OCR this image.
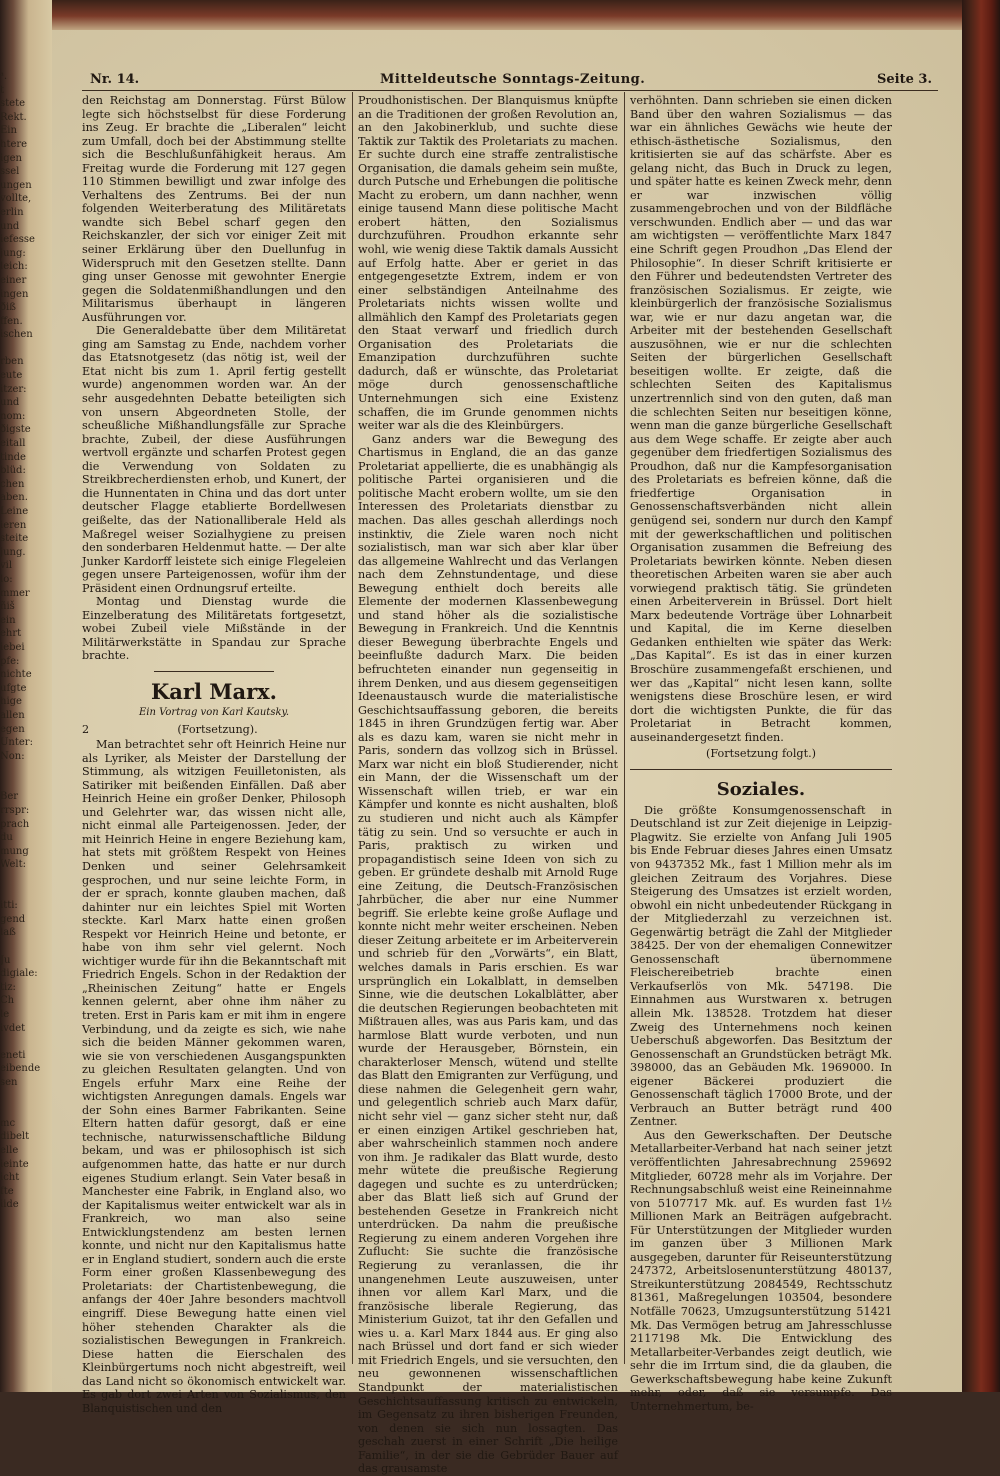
ᵃ.
t
stete
Rekt.
Ein
htere
igen
ssel
ungen
vollte,
erlin
und
iefesse
jung:
leich:
einer
ingen
ðiß
ffen.
ischen

rben
eute
itzer:
und
nom:
ðigste
eitall
tinde
blüd:
chen
aben.
Leine
ieren
steite
jung.
vil
lo:
mmer
ñiš
ein
ehrt
iebei
pfe:
nichte
ufgte
hige
allen
egen
Unter:
Non:

Ber
rrspr:
prach
du
mung
Welt:

itti:
gend
laß

Ju
digiale:
tiz:
Ch
le
ivdet

eneti
eibende
sen

mc
dibelt
elle
ieinte
icht
fte
iide
Nr. 14.	Mitteldeutsche Sonntags-Zeitung.	Seite 3.

den Reichstag am Donnerstag. Fürst Bülow legte sich höchstselbst für diese Forderung ins Zeug. Er brachte die „Liberalen“ leicht zum Umfall, doch bei der Abstimmung stellte sich die Beschlußunfähigkeit heraus. Am Freitag wurde die Forderung mit 127 gegen 110 Stimmen bewilligt und zwar infolge des Verhaltens des Zentrums. Bei der nun folgenden Weiterberatung des Militäretats wandte sich Bebel scharf gegen den Reichskanzler, der sich vor einiger Zeit mit seiner Erklärung über den Duellunfug in Widerspruch mit den Gesetzen stellte. Dann ging unser Genosse mit gewohnter Energie gegen die Soldatenmißhandlungen und den Militarismus überhaupt in längeren Ausführungen vor.

Die Generaldebatte über dem Militäretat ging am Samstag zu Ende, nachdem vorher das Etatsnotgesetz (das nötig ist, weil der Etat nicht bis zum 1. April fertig gestellt wurde) angenommen worden war. An der sehr ausgedehnten Debatte beteiligten sich von unsern Abgeordneten Stolle, der scheußliche Mißhandlungsfälle zur Sprache brachte, Zubeil, der diese Ausführungen wertvoll ergänzte und scharfen Protest gegen die Verwendung von Soldaten zu Streikbrecherdiensten erhob, und Kunert, der die Hunnentaten in China und das dort unter deutscher Flagge etablierte Bordellwesen geißelte, das der Nationalliberale Held als Maßregel weiser Sozialhygiene zu preisen den sonderbaren Heldenmut hatte. — Der alte Junker Kardorff leistete sich einige Flegeleien gegen unsere Parteigenossen, wofür ihm der Präsident einen Ordnungsruf erteilte.

Montag und Dienstag wurde die Einzelberatung des Militäretats fortgesetzt, wobei Zubeil viele Mißstände in der Militärwerkstätte in Spandau zur Sprache brachte.

Karl Marx.
Ein Vortrag von Karl Kautsky.
2	(Fortsetzung).

Man betrachtet sehr oft Heinrich Heine nur als Lyriker, als Meister der Darstellung der Stimmung, als witzigen Feuilletonisten, als Satiriker mit beißenden Einfällen. Daß aber Heinrich Heine ein großer Denker, Philosoph und Gelehrter war, das wissen nicht alle, nicht einmal alle Parteigenossen. Jeder, der mit Heinrich Heine in engere Beziehung kam, hat stets mit größtem Respekt von Heines Denken und seiner Gelehrsamkeit gesprochen, und nur seine leichte Form, in der er sprach, konnte glauben machen, daß dahinter nur ein leichtes Spiel mit Worten steckte. Karl Marx hatte einen großen Respekt vor Heinrich Heine und betonte, er habe von ihm sehr viel gelernt. Noch wichtiger wurde für ihn die Bekanntschaft mit Friedrich Engels. Schon in der Redaktion der „Rheinischen Zeitung“ hatte er Engels kennen gelernt, aber ohne ihm näher zu treten. Erst in Paris kam er mit ihm in engere Verbindung, und da zeigte es sich, wie nahe sich die beiden Männer gekommen waren, wie sie von verschiedenen Ausgangspunkten zu gleichen Resultaten gelangten. Und von Engels erfuhr Marx eine Reihe der wichtigsten Anregungen damals. Engels war der Sohn eines Barmer Fabrikanten. Seine Eltern hatten dafür gesorgt, daß er eine technische, naturwissenschaftliche Bildung bekam, und was er philosophisch ist sich aufgenommen hatte, das hatte er nur durch eigenes Studium erlangt. Sein Vater besaß in Manchester eine Fabrik, in England also, wo der Kapitalismus weiter entwickelt war als in Frankreich, wo man also seine Entwicklungstendenz am besten lernen konnte, und nicht nur den Kapitalismus hatte er in England studiert, sondern auch die erste Form einer großen Klassenbewegung des Proletariats: der Chartistenbewegung, die anfangs der 40er Jahre besonders machtvoll eingriff. Diese Bewegung hatte einen viel höher stehenden Charakter als die sozialistischen Bewegungen in Frankreich. Diese hatten die Eierschalen des Kleinbürgertums noch nicht abgestreift, weil das Land nicht so ökonomisch entwickelt war. Es gab dort zwei Arten von Sozialismus, den Blanquistischen und den

Proudhonistischen. Der Blanquismus knüpfte an die Traditionen der großen Revolution an, an den Jakobinerklub, und suchte diese Taktik zur Taktik des Proletariats zu machen. Er suchte durch eine straffe zentralistische Organisation, die damals geheim sein mußte, durch Putsche und Erhebungen die politische Macht zu erobern, um dann nachher, wenn einige tausend Mann diese politische Macht erobert hätten, den Sozialismus durchzuführen. Proudhon erkannte sehr wohl, wie wenig diese Taktik damals Aussicht auf Erfolg hatte. Aber er geriet in das entgegengesetzte Extrem, indem er von einer selbständigen Anteilnahme des Proletariats nichts wissen wollte und allmählich den Kampf des Proletariats gegen den Staat verwarf und friedlich durch Organisation des Proletariats die Emanzipation durchzuführen suchte dadurch, daß er wünschte, das Proletariat möge durch genossenschaftliche Unternehmungen sich eine Existenz schaffen, die im Grunde genommen nichts weiter war als die des Kleinbürgers.

Ganz anders war die Bewegung des Chartismus in England, die an das ganze Proletariat appellierte, die es unabhängig als politische Partei organisieren und die politische Macht erobern wollte, um sie den Interessen des Proletariats dienstbar zu machen. Das alles geschah allerdings noch instinktiv, die Ziele waren noch nicht sozialistisch, man war sich aber klar über das allgemeine Wahlrecht und das Verlangen nach dem Zehnstundentage, und diese Bewegung enthielt doch bereits alle Elemente der modernen Klassenbewegung und stand höher als die sozialistische Bewegung in Frankreich. Und die Kenntnis dieser Bewegung überbrachte Engels und beeinflußte dadurch Marx. Die beiden befruchteten einander nun gegenseitig in ihrem Denken, und aus diesem gegenseitigen Ideenaustausch wurde die materialistische Geschichtsauffassung geboren, die bereits 1845 in ihren Grundzügen fertig war. Aber als es dazu kam, waren sie nicht mehr in Paris, sondern das vollzog sich in Brüssel. Marx war nicht ein bloß Studierender, nicht ein Mann, der die Wissenschaft um der Wissenschaft willen trieb, er war ein Kämpfer und konnte es nicht aushalten, bloß zu studieren und nicht auch als Kämpfer tätig zu sein. Und so versuchte er auch in Paris, praktisch zu wirken und propagandistisch seine Ideen von sich zu geben. Er gründete deshalb mit Arnold Ruge eine Zeitung, die Deutsch-Französischen Jahrbücher, die aber nur eine Nummer begriff. Sie erlebte keine große Auflage und konnte nicht mehr weiter erscheinen. Neben dieser Zeitung arbeitete er im Arbeiterverein und schrieb für den „Vorwärts“, ein Blatt, welches damals in Paris erschien. Es war ursprünglich ein Lokalblatt, in demselben Sinne, wie die deutschen Lokalblätter, aber die deutschen Regierungen beobachteten mit Mißtrauen alles, was aus Paris kam, und das harmlose Blatt wurde verboten, und nun wurde der Herausgeber, Börnstein, ein charakterloser Mensch, wütend und stellte das Blatt den Emigranten zur Verfügung, und diese nahmen die Gelegenheit gern wahr, und gelegentlich schrieb auch Marx dafür, nicht sehr viel — ganz sicher steht nur, daß er einen einzigen Artikel geschrieben hat, aber wahrscheinlich stammen noch andere von ihm. Je radikaler das Blatt wurde, desto mehr wütete die preußische Regierung dagegen und suchte es zu unterdrücken; aber das Blatt ließ sich auf Grund der bestehenden Gesetze in Frankreich nicht unterdrücken. Da nahm die preußische Regierung zu einem anderen Vorgehen ihre Zuflucht: Sie suchte die französische Regierung zu veranlassen, die ihr unangenehmen Leute auszuweisen, unter ihnen vor allem Karl Marx, und die französische liberale Regierung, das Ministerium Guizot, tat ihr den Gefallen und wies u. a. Karl Marx 1844 aus. Er ging also nach Brüssel und dort fand er sich wieder mit Friedrich Engels, und sie versuchten, den neu gewonnenen wissenschaftlichen Standpunkt der materialistischen Geschichtsauffassung kritisch zu entwickeln, im Gegensatz zu ihren bisherigen Freunden, von denen sie sich nun lossagten. Das geschah zuerst in einer Schrift „Die heilige Familie“, in der sie die Gebrüder Bauer auf das grausamste

verhöhnten. Dann schrieben sie einen dicken Band über den wahren Sozialismus — das war ein ähnliches Gewächs wie heute der ethisch-ästhetische Sozialismus, den kritisierten sie auf das schärfste. Aber es gelang nicht, das Buch in Druck zu legen, und später hatte es keinen Zweck mehr, denn er war inzwischen völlig zusammengebrochen und von der Bildfläche verschwunden. Endlich aber — und das war am wichtigsten — veröffentlichte Marx 1847 eine Schrift gegen Proudhon „Das Elend der Philosophie“. In dieser Schrift kritisierte er den Führer und bedeutendsten Vertreter des französischen Sozialismus. Er zeigte, wie kleinbürgerlich der französische Sozialismus war, wie er nur dazu angetan war, die Arbeiter mit der bestehenden Gesellschaft auszusöhnen, wie er nur die schlechten Seiten der bürgerlichen Gesellschaft beseitigen wollte. Er zeigte, daß die schlechten Seiten des Kapitalismus unzertrennlich sind von den guten, daß man die schlechten Seiten nur beseitigen könne, wenn man die ganze bürgerliche Gesellschaft aus dem Wege schaffe. Er zeigte aber auch gegenüber dem friedfertigen Sozialismus des Proudhon, daß nur die Kampfesorganisation des Proletariats es befreien könne, daß die friedfertige Organisation in Genossenschaftsverbänden nicht allein genügend sei, sondern nur durch den Kampf mit der gewerkschaftlichen und politischen Organisation zusammen die Befreiung des Proletariats bewirken könnte. Neben diesen theoretischen Arbeiten waren sie aber auch vorwiegend praktisch tätig. Sie gründeten einen Arbeiterverein in Brüssel. Dort hielt Marx bedeutende Vorträge über Lohnarbeit und Kapital, die im Kerne dieselben Gedanken enthielten wie später das Werk: „Das Kapital“. Es ist das in einer kurzen Broschüre zusammengefaßt erschienen, und wer das „Kapital“ nicht lesen kann, sollte wenigstens diese Broschüre lesen, er wird dort die wichtigsten Punkte, die für das Proletariat in Betracht kommen, auseinandergesetzt finden.

(Fortsetzung folgt.)

Soziales.

Die größte Konsumgenossenschaft in Deutschland ist zur Zeit diejenige in Leipzig-Plagwitz. Sie erzielte von Anfang Juli 1905 bis Ende Februar dieses Jahres einen Umsatz von 9437352 Mk., fast 1 Million mehr als im gleichen Zeitraum des Vorjahres. Diese Steigerung des Umsatzes ist erzielt worden, obwohl ein nicht unbedeutender Rückgang in der Mitgliederzahl zu verzeichnen ist. Gegenwärtig beträgt die Zahl der Mitglieder 38425. Der von der ehemaligen Connewitzer Genossenschaft übernommene Fleischereibetrieb brachte einen Verkaufserlös von Mk. 547198. Die Einnahmen aus Wurstwaren x. betrugen allein Mk. 138528. Trotzdem hat dieser Zweig des Unternehmens noch keinen Ueberschuß abgeworfen. Das Besitztum der Genossenschaft an Grundstücken beträgt Mk. 398000, das an Gebäuden Mk. 1969000. In eigener Bäckerei produziert die Genossenschaft täglich 17000 Brote, und der Verbrauch an Butter beträgt rund 400 Zentner.

Aus den Gewerkschaften. Der Deutsche Metallarbeiter-Verband hat nach seiner jetzt veröffentlichten Jahresabrechnung 259692 Mitglieder, 60728 mehr als im Vorjahre. Der Rechnungsabschluß weist eine Reineinnahme von 5107717 Mk. auf. Es wurden fast 1½ Millionen Mark an Beiträgen aufgebracht. Für Unterstützungen der Mitglieder wurden im ganzen über 3 Millionen Mark ausgegeben, darunter für Reiseunterstützung 247372, Arbeitslosenunterstützung 480137, Streikunterstützung 2084549, Rechtsschutz 81361, Maßregelungen 103504, besondere Notfälle 70623, Umzugsunterstützung 51421 Mk. Das Vermögen betrug am Jahresschlusse 2117198 Mk. Die Entwicklung des Metallarbeiter-Verbandes zeigt deutlich, wie sehr die im Irrtum sind, die da glauben, die Gewerkschaftsbewegung habe keine Zukunft mehr, oder, daß sie versumpfe. Das Unternehmertum, be-
